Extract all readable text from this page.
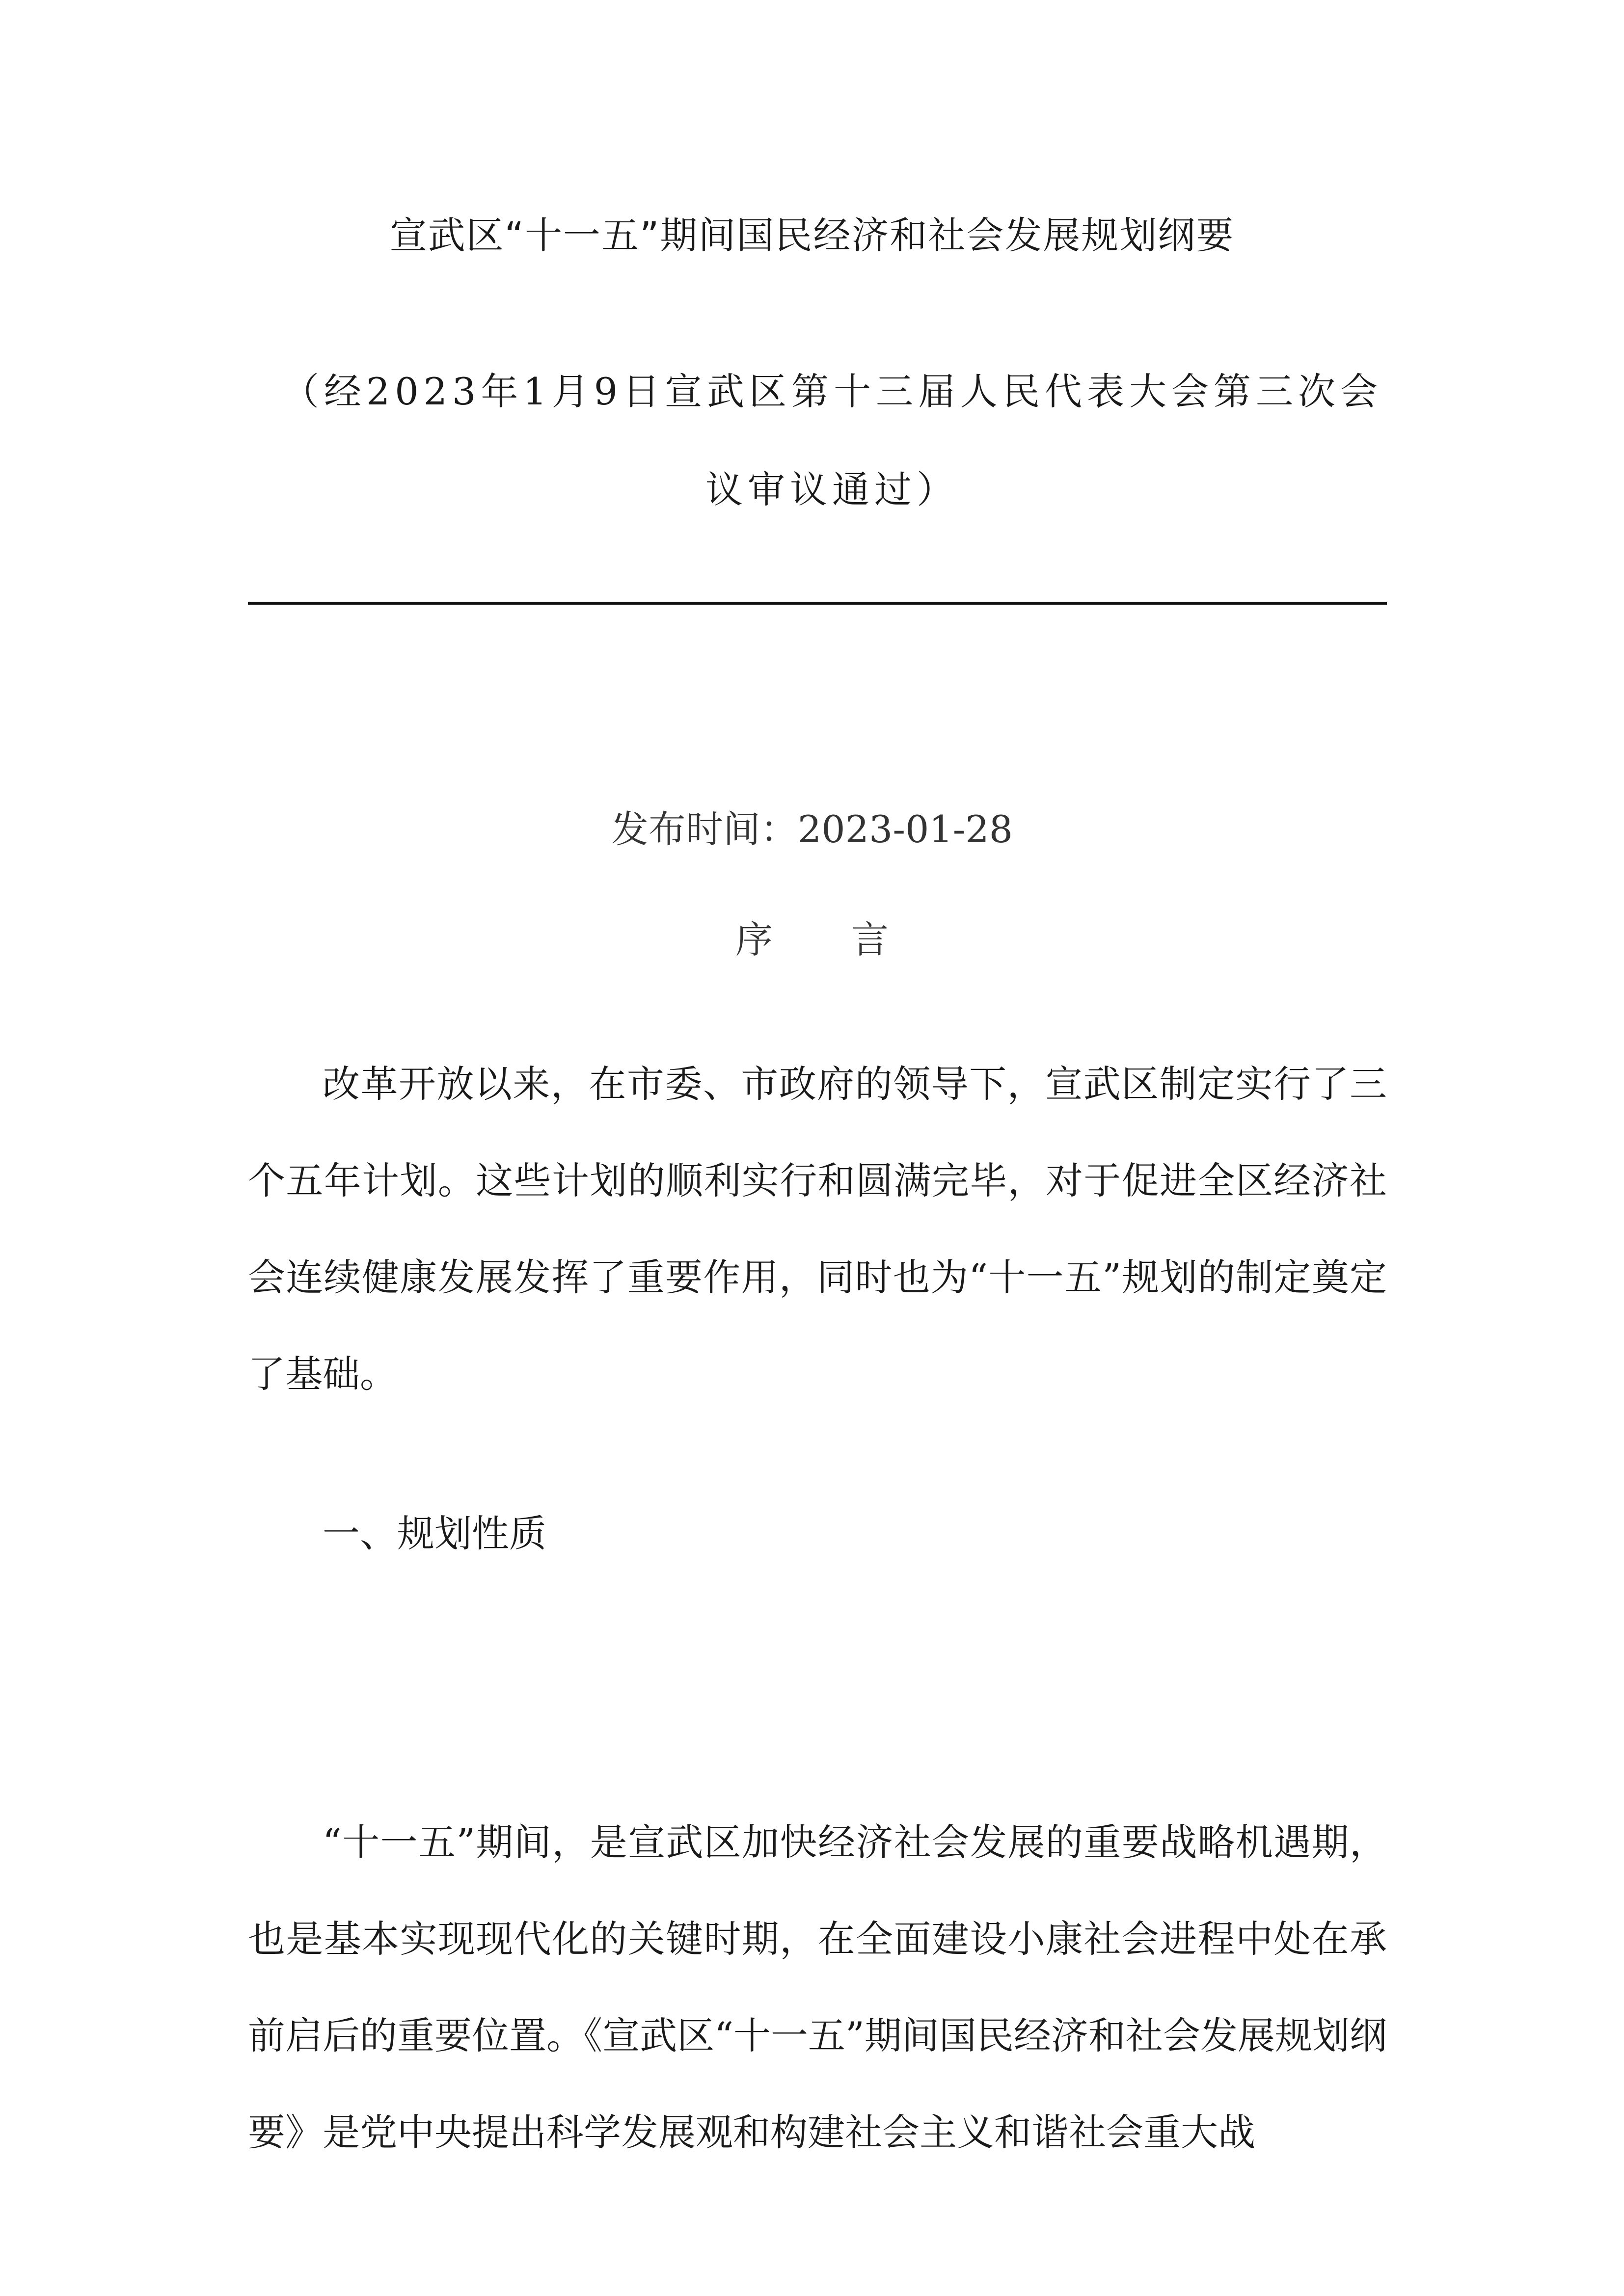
宣武区“十一五”期间国民经济和社会发展规划纲要
（经2023年1月9日宣武区第十三届人民代表大会第三次会议审议通过）
发布时间：2023-01-28
序言

改革开放以来，在市委、市政府的领导下，宣武区制定实行了三个五年计划。这些计划的顺利实行和圆满完毕，对于促进全区经济社会连续健康发展发挥了重要作用，同时也为“十一五”规划的制定奠定了基础。

一、规划性质

“十一五”期间，是宣武区加快经济社会发展的重要战略机遇期，也是基本实现现代化的关键时期，在全面建设小康社会进程中处在承前启后的重要位置。《宣武区“十一五”期间国民经济和社会发展规划纲要》是党中央提出科学发展观和构建社会主义和谐社会重大战
